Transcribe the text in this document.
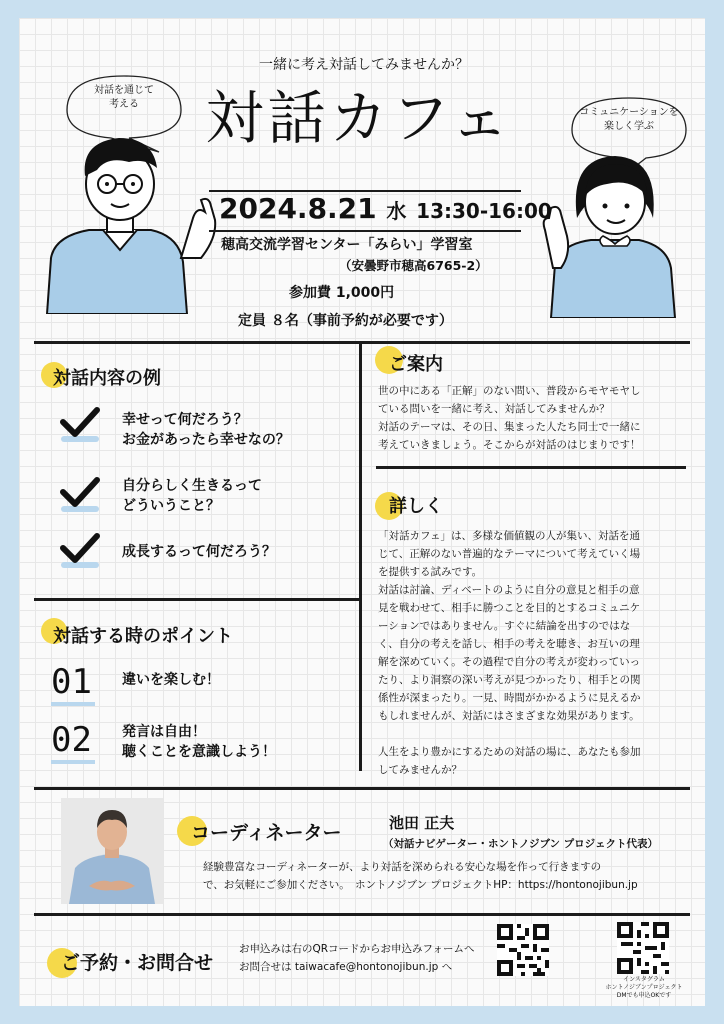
対話を通じて
考える
コミュニケーションを
楽しく学ぶ
一緒に考え対話してみませんか？
対話カフェ
2024.8.21 水 13:30-16:00
穂高交流学習センター「みらい」学習室
（安曇野市穂高6765-2）
参加費 1,000円
定員 ８名（事前予約が必要です）
対話内容の例
幸せって何だろう？
お金があったら幸せなの？
自分らしく生きるって
どういうこと？
成長するって何だろう？
対話する時のポイント
01 違いを楽しむ！
02 発言は自由！
聴くことを意識しよう！
ご案内
世の中にある「正解」のない問い、普段からモヤモヤし
ている問いを一緒に考え、対話してみませんか？
対話のテーマは、その日、集まった人たち同士で一緒に
考えていきましょう。そこからが対話のはじまりです！
詳しく
「対話カフェ」は、多様な価値観の人が集い、対話を通
じて、正解のない普遍的なテーマについて考えていく場
を提供する試みです。
対話は討論、ディベートのように自分の意見と相手の意
見を戦わせて、相手に勝つことを目的とするコミュニケ
ーションではありません。すぐに結論を出すのではな
く、自分の考えを話し、相手の考えを聴き、お互いの理
解を深めていく。その過程で自分の考えが変わっていっ
たり、より洞察の深い考えが見つかったり、相手との関
係性が深まったり。一見、時間がかかるように見えるか
もしれませんが、対話にはさまざまな効果があります。
人生をより豊かにするための対話の場に、あなたも参加
してみませんか？
コーディネーター	池田 正夫
（対話ナビゲーター・ホントノジブン プロジェクト代表）
経験豊富なコーディネーターが、より対話を深められる安心な場を作って行きますの
で、お気軽にご参加ください。　ホントノジブン プロジェクトHP：https://hontonojibun.jp
ご予約・お問合せ
お申込みは右のQRコードからお申込みフォームへ
お問合せは taiwacafe@hontonojibun.jp へ
インスタグラム
ホントノジブンプロジェクト
DMでも申込OKです
